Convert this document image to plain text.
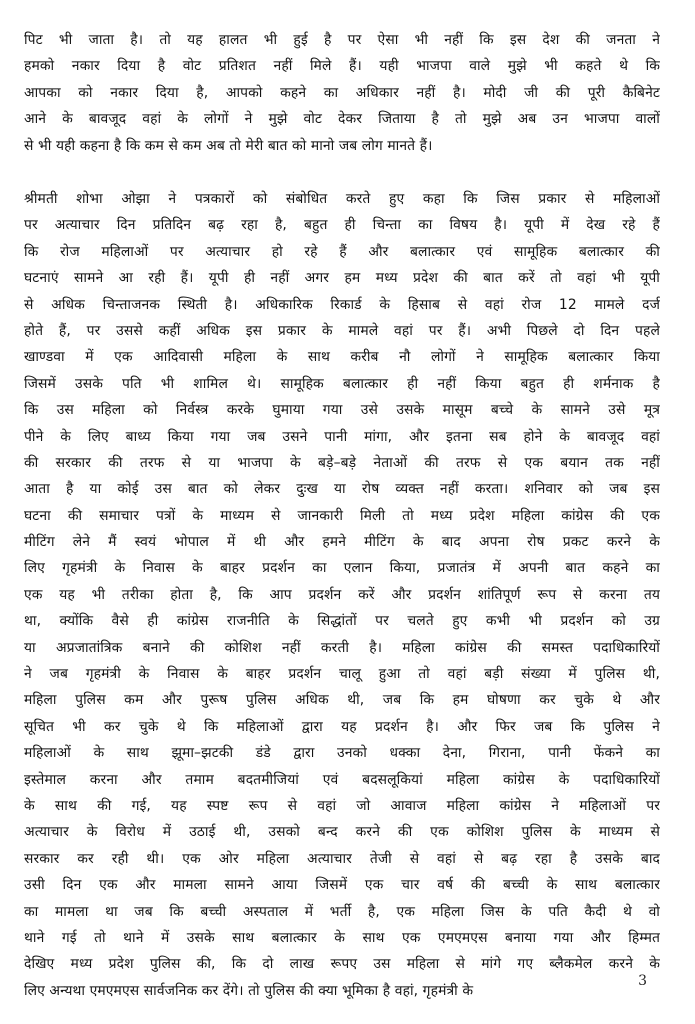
पिट भी जाता है। तो यह हालत भी हुई है पर ऐसा भी नहीं कि इस देश की जनता ने
हमको नकार दिया है वोट प्रतिशत नहीं मिले हैं। यही भाजपा वाले मुझे भी कहते थे कि
आपका को नकार दिया है, आपको कहने का अधिकार नहीं है। मोदी जी की पूरी कैबिनेट
आने के बावजूद वहां के लोगों ने मुझे वोट देकर जिताया है तो मुझे अब उन भाजपा वालों
से भी यही कहना है कि कम से कम अब तो मेरी बात को मानो जब लोग मानते हैं।
श्रीमती शोभा ओझा ने पत्रकारों को संबोधित करते हुए कहा कि जिस प्रकार से महिलाओं
पर अत्याचार दिन प्रतिदिन बढ़ रहा है, बहुत ही चिन्ता का विषय है। यूपी में देख रहे हैं
कि रोज महिलाओं पर अत्याचार हो रहे हैं और बलात्कार एवं सामूहिक बलात्कार की
घटनाएं सामने आ रही हैं। यूपी ही नहीं अगर हम मध्य प्रदेश की बात करें तो वहां भी यूपी
से अधिक चिन्ताजनक स्थिती है। अधिकारिक रिकार्ड के हिसाब से वहां रोज 12 मामले दर्ज
होते हैं, पर उससे कहीं अधिक इस प्रकार के मामले वहां पर हैं। अभी पिछले दो दिन पहले
खाण्डवा में एक आदिवासी महिला के साथ करीब नौ लोगों ने सामूहिक बलात्कार किया
जिसमें उसके पति भी शामिल थे। सामूहिक बलात्कार ही नहीं किया बहुत ही शर्मनाक है
कि उस महिला को निर्वस्त्र करके घुमाया गया उसे उसके मासूम बच्चे के सामने उसे मूत्र
पीने के लिए बाध्य किया गया जब उसने पानी मांगा, और इतना सब होने के बावजूद वहां
की सरकार की तरफ से या भाजपा के बड़े–बड़े नेताओं की तरफ से एक बयान तक नहीं
आता है या कोई उस बात को लेकर दुःख या रोष व्यक्त नहीं करता। शनिवार को जब इस
घटना की समाचार पत्रों के माध्यम से जानकारी मिली तो मध्य प्रदेश महिला कांग्रेस की एक
मीटिंग लेने मैं स्वयं भोपाल में थी और हमने मीटिंग के बाद अपना रोष प्रकट करने के
लिए गृहमंत्री के निवास के बाहर प्रदर्शन का एलान किया, प्रजातंत्र में अपनी बात कहने का
एक यह भी तरीका होता है, कि आप प्रदर्शन करें और प्रदर्शन शांतिपूर्ण रूप से करना तय
था, क्योंकि वैसे ही कांग्रेस राजनीति के सिद्धांतों पर चलते हुए कभी भी प्रदर्शन को उग्र
या अप्रजातांत्रिक बनाने की कोशिश नहीं करती है। महिला कांग्रेस की समस्त पदाधिकारियों
ने जब गृहमंत्री के निवास के बाहर प्रदर्शन चालू हुआ तो वहां बड़ी संख्या में पुलिस थी,
महिला पुलिस कम और पुरूष पुलिस अधिक थी, जब कि हम घोषणा कर चुके थे और
सूचित भी कर चुके थे कि महिलाओं द्वारा यह प्रदर्शन है। और फिर जब कि पुलिस ने
महिलाओं के साथ झूमा–झटकी डंडे द्वारा उनको धक्का देना, गिराना, पानी फेंकने का
इस्तेमाल करना और तमाम बदतमीजियां एवं बदसलूकियां महिला कांग्रेस के पदाधिकारियों
के साथ की गई, यह स्पष्ट रूप से वहां जो आवाज महिला कांग्रेस ने महिलाओं पर
अत्याचार के विरोध में उठाई थी, उसको बन्द करने की एक कोशिश पुलिस के माध्यम से
सरकार कर रही थी। एक ओर महिला अत्याचार तेजी से वहां से बढ़ रहा है उसके बाद
उसी दिन एक और मामला सामने आया जिसमें एक चार वर्ष की बच्ची के साथ बलात्कार
का मामला था जब कि बच्ची अस्पताल में भर्ती है, एक महिला जिस के पति कैदी थे वो
थाने गई तो थाने में उसके साथ बलात्कार के साथ एक एमएमएस बनाया गया और हिम्मत
देखिए मध्य प्रदेश पुलिस की, कि दो लाख रूपए उस महिला से मांगे गए ब्लैकमेल करने के
लिए अन्यथा एमएमएस सार्वजनिक कर देंगे। तो पुलिस की क्या भूमिका है वहां, गृहमंत्री के
3
